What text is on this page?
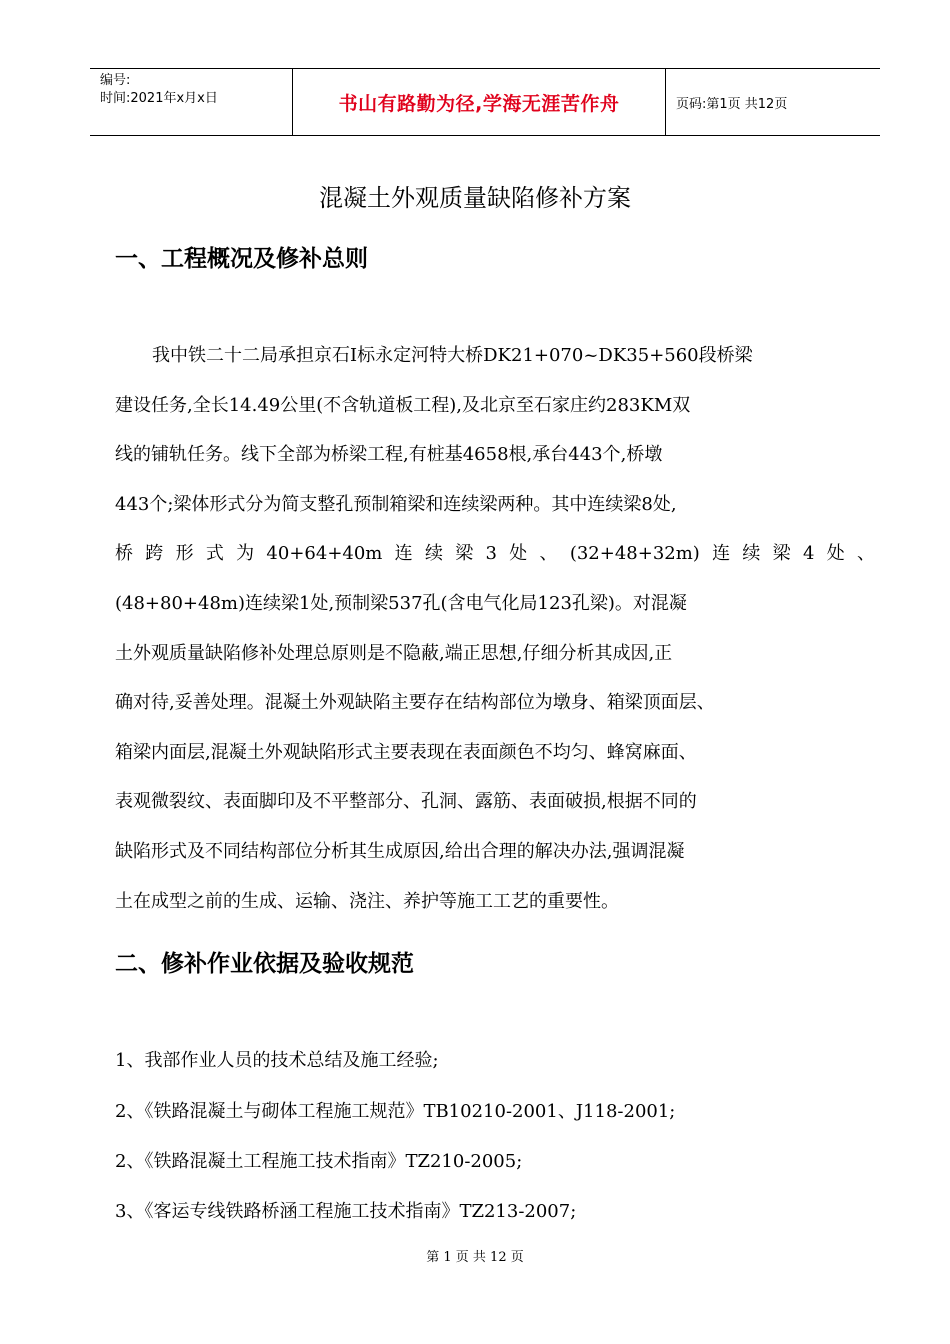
编号:
时间:2021年x月x日	书山有路勤为径,学海无涯苦作舟	页码:第1页 共12页
混凝土外观质量缺陷修补方案
一、工程概况及修补总则
我中铁二十二局承担京石Ⅰ标永定河特大桥DK21+070~DK35+560段桥梁
建设任务,全长14.49公里(不含轨道板工程),及北京至石家庄约283KM双
线的铺轨任务。线下全部为桥梁工程,有桩基4658根,承台443个,桥墩
443个;梁体形式分为简支整孔预制箱梁和连续梁两种。其中连续梁8处,
桥跨形式为40+64+40m连续梁3处、(32+48+32m)连续梁4处、
(48+80+48m)连续梁1处,预制梁537孔(含电气化局123孔梁)。对混凝
土外观质量缺陷修补处理总原则是不隐蔽,端正思想,仔细分析其成因,正
确对待,妥善处理。混凝土外观缺陷主要存在结构部位为墩身、箱梁顶面层、
箱梁内面层,混凝土外观缺陷形式主要表现在表面颜色不均匀、蜂窝麻面、
表观微裂纹、表面脚印及不平整部分、孔洞、露筋、表面破损,根据不同的
缺陷形式及不同结构部位分析其生成原因,给出合理的解决办法,强调混凝
土在成型之前的生成、运输、浇注、养护等施工工艺的重要性。
二、修补作业依据及验收规范
1、我部作业人员的技术总结及施工经验;
2、《铁路混凝土与砌体工程施工规范》TB10210-2001、J118-2001;
2、《铁路混凝土工程施工技术指南》TZ210-2005;
3、《客运专线铁路桥涵工程施工技术指南》TZ213-2007;
第 1 页 共 12 页
